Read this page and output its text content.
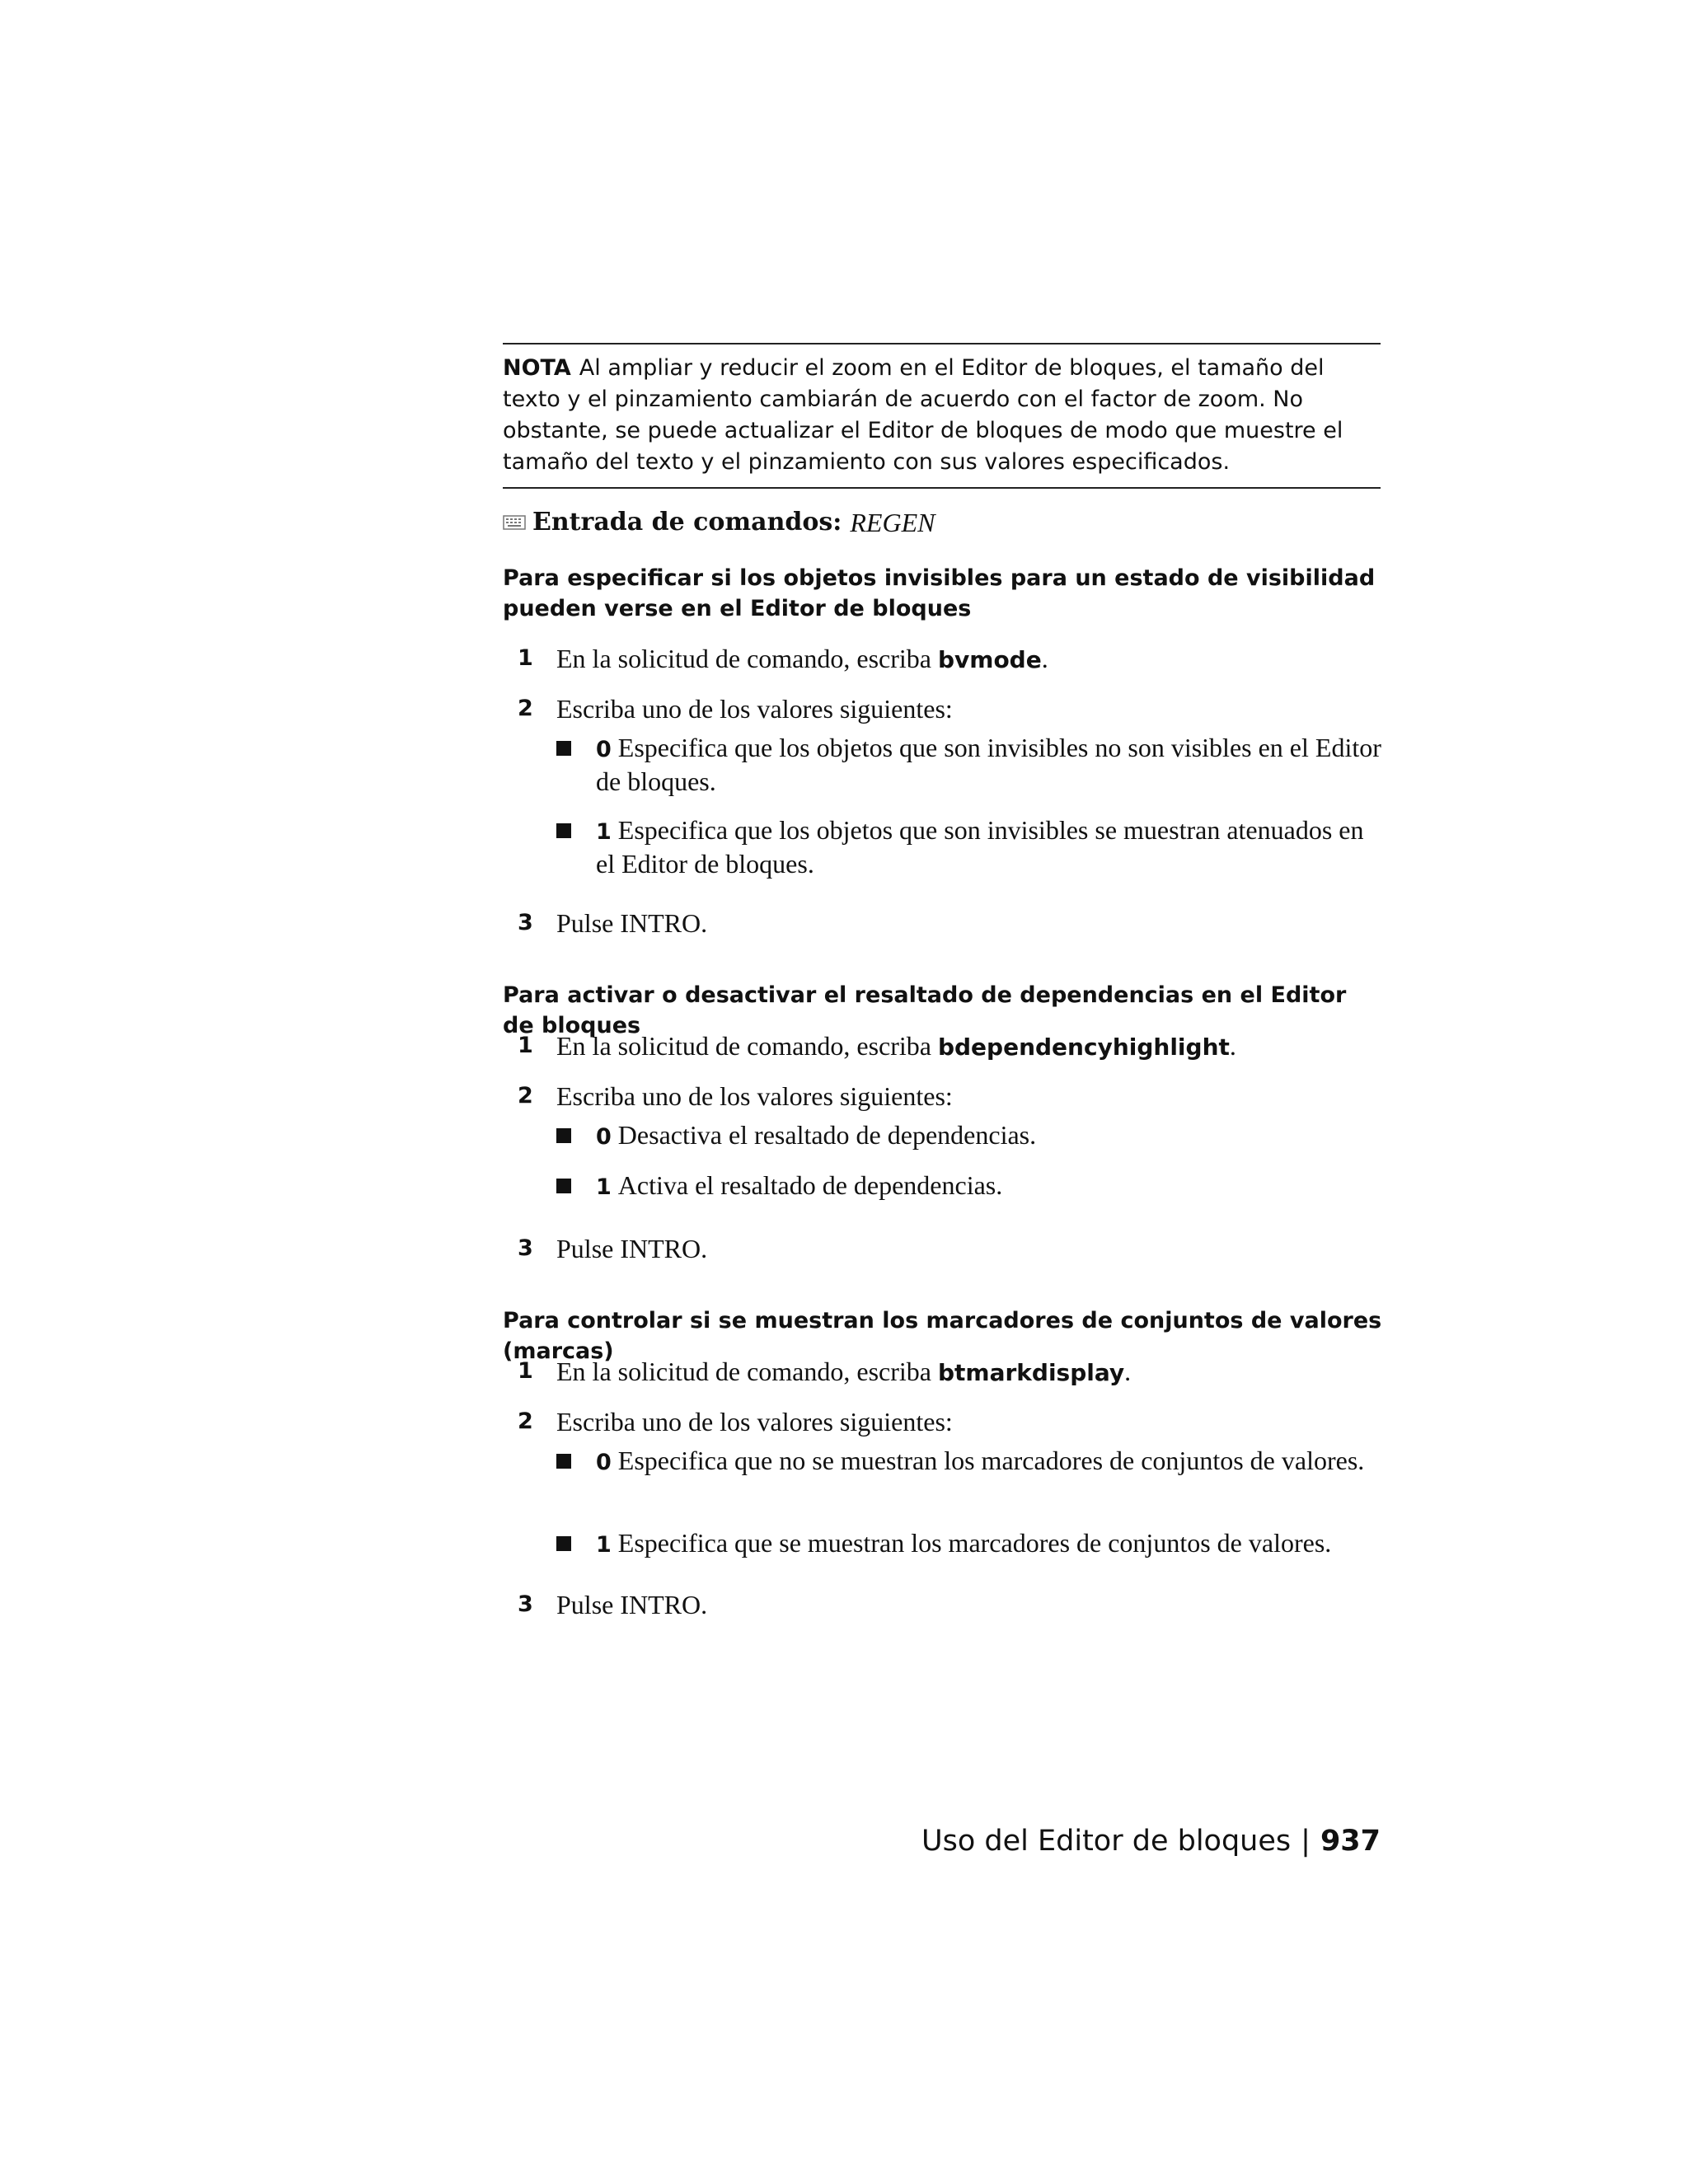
NOTA Al ampliar y reducir el zoom en el Editor de bloques, el tamaño del texto y el pinzamiento cambiarán de acuerdo con el factor de zoom. No obstante, se puede actualizar el Editor de bloques de modo que muestre el tamaño del texto y el pinzamiento con sus valores especificados.
Entrada de comandos: REGEN
Para especificar si los objetos invisibles para un estado de visibilidad pueden verse en el Editor de bloques
1 En la solicitud de comando, escriba bvmode.
2 Escriba uno de los valores siguientes:
0 Especifica que los objetos que son invisibles no son visibles en el Editor de bloques.
1 Especifica que los objetos que son invisibles se muestran atenuados en el Editor de bloques.
3 Pulse INTRO.
Para activar o desactivar el resaltado de dependencias en el Editor de bloques
1 En la solicitud de comando, escriba bdependencyhighlight.
2 Escriba uno de los valores siguientes:
0 Desactiva el resaltado de dependencias.
1 Activa el resaltado de dependencias.
3 Pulse INTRO.
Para controlar si se muestran los marcadores de conjuntos de valores (marcas)
1 En la solicitud de comando, escriba btmarkdisplay.
2 Escriba uno de los valores siguientes:
0 Especifica que no se muestran los marcadores de conjuntos de valores.
1 Especifica que se muestran los marcadores de conjuntos de valores.
3 Pulse INTRO.
Uso del Editor de bloques | 937
